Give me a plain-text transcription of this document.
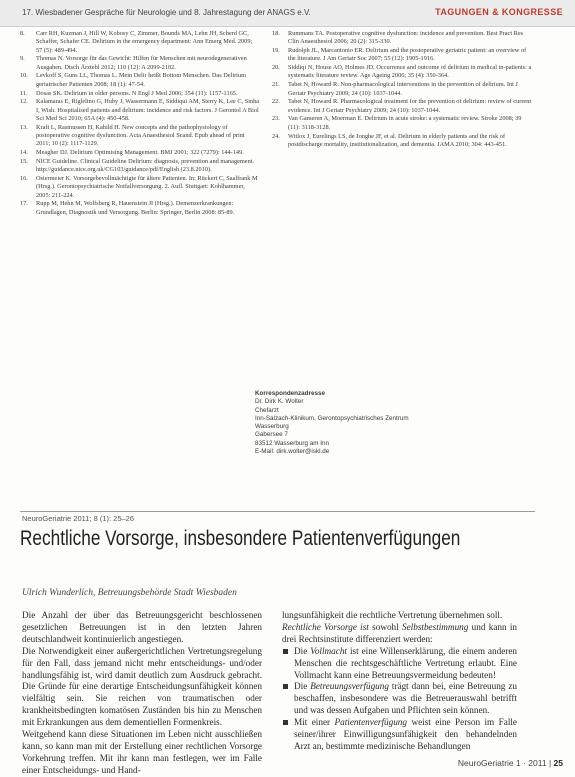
17. Wiesbadener Gespräche für Neurologie und 8. Jahrestagung der ANAGS e.V.	TAGUNGEN & KONGRESSE
8.	Carr RH, Kuzman J, Hill W, Kobosy C, Zimmer, Bounds MA, Lehn JH, Scherd GC, Schaffer, Schafer CE. Delirium in the emergency department: Ann Emerg Med. 2009; 57 (5): 489-494.
9.	Thomas N. Vorsorge für das Gewicht: Hilfen für Menschen mit neurodegenerativen Ausgaben. Dtsch Ärztebl 2012; 110 (12): A 2099-2102.
10.	Levkoff S, Guns LL, Thomas L. Mein Delir heißt Bottom Menschen. Das Delirium geriatrischer Patienten 2008; 18 (1): 47-54.
11.	Dosas SK. Delirium in older persons. N Engl J Med 2006; 354 (11): 1157-1165.
12.	Kalamaras E, Riglelino G, Huby J, Wassermann E, Siddiqui AM, Sterry K, Lee C, Sinha I, Wish. Hospitalised patients and delirium: incidence and risk factors. J Gerontol A Biol Sci Med Sci 2010; 65A (4): 450-458.
13.	Kraft L, Rasmussen H, Kahild H. New concepts and the pathophysiology of postoperative cognitive dysfunction. Acta Anaesthesiol Scand. Epub ahead of print 2011; 10 (2): 1117-1129.
14.	Meagher DJ. Delirium Optimising Management. BMJ 2001; 322 (7279): 144-149.
15.	NICE Guideline. Clinical Guideline Delirium: diagnosis, prevention and management. http://guidance.nice.org.uk/CG103/guidance/pdf/English (23.8.2010).
16.	Ostermeier K. Vorsorgebevollmächtigte für ältere Patienten. In: Rückert C, Saalfrank M (Hrsg.). Gerontopsychiatrische Notfallversorgung. 2. Aufl. Stuttgart: Kohlhammer, 2005: 211-224.
17.	Rupp M, Hehn M, Wolfsberg R, Hauenstein JI (Hrsg.). Demenzerkrankungen: Grundlagen, Diagnostik und Versorgung. Berlin: Springer, Berlin 2008: 85-89.
18.	Rummans TA. Postoperative cognitive dysfunction: incidence and prevention. Best Pract Res Clin Anaesthesiol 2006; 20 (2): 315-330.
19.	Rudolph JL, Marcantonio ER. Delirium and the postoperative geriatric patient: an overview of the literature. J Am Geriatr Soc 2007; 55 (12): 1905-1916.
20.	Siddiqi N, House AO, Holmes JD. Occurrence and outcome of delirium in medical in-patients: a systematic literature review. Age Ageing 2006; 35 (4): 350-364.
21.	Tabet N, Howard R. Non-pharmacological interventions in the prevention of delirium. Int J Geriatr Psychiatry 2009; 24 (10): 1037-1044.
22.	Tabet N, Howard R. Pharmacological treatment for the prevention of delirium: review of current evidence. Int J Geriatr Psychiatry 2009; 24 (10): 1037-1044.
23.	Van Gameren A, Moerman E. Delirium in acute stroke: a systematic review. Stroke 2008; 39 (11): 3118-3128.
24.	Witlox J, Eurelings LS, de Jonghe JF, et al. Delirium in elderly patients and the risk of postdischarge mortality, institutionalization, and dementia. JAMA 2010; 304: 443-451.
Korrespondenzadresse
Dr. Dirk K. Wolter
Chefarzt
Inn-Salzach-Klinikum, Gerontopsychiatrisches Zentrum
Wasserburg
Gabersee 7
83512 Wasserburg am Inn
E-Mail: dirk.wolter@iskl.de
NeuroGeriatrie 2011; 8 (1): 25–26
Rechtliche Vorsorge, insbesondere Patientenverfügungen
Ulrich Wunderlich, Betreuungsbehörde Stadt Wiesbaden

Die Anzahl der über das Betreuungsgericht beschlossenen gesetzlichen Betreuungen ist in den letzten Jahren deutschlandweit kontinuierlich angestiegen.

Die Notwendigkeit einer außergerichtlichen Vertretungsregelung für den Fall, dass jemand nicht mehr entscheidungs- und/oder handlungsfähig ist, wird damit deutlich zum Ausdruck gebracht. Die Gründe für eine derartige Entscheidungsunfähigkeit können vielfältig sein. Sie reichen von traumatischen oder krankheitsbedingten komatösen Zuständen bis hin zu Menschen mit Erkrankungen aus dem dementiellen Formenkreis.

Weitgehend kann diese Situationen im Leben nicht ausschließen kann, so kann man mit der Erstellung einer rechtlichen Vorsorge Vorkehrung treffen. Mit ihr kann man festlegen, wer im Falle einer Entscheidungs- und Hand-

lungsunfähigkeit die rechtliche Vertretung übernehmen soll.

Rechtliche Vorsorge ist sowohl Selbstbestimmung und kann in drei Rechtsinstitute differenziert werden:

Die Vollmacht ist eine Willenserklärung, die einem anderen Menschen die rechtsgeschäftliche Vertretung erlaubt. Eine Vollmacht kann eine Betreuungsvermeidung bedeuten!
Die Betreuungsverfügung trägt dann bei, eine Betreuung zu beschaffen, insbesondere was die Betreuerauswahl betrifft und was dessen Aufgaben und Pflichten sein können.
Mit einer Patientenverfügung weist eine Person im Falle seiner/ihrer Einwilligungsunfähigkeit den behandelnden Arzt an, bestimmte medizinische Behandlungen
NeuroGeriatrie 1 · 2011 | 25
